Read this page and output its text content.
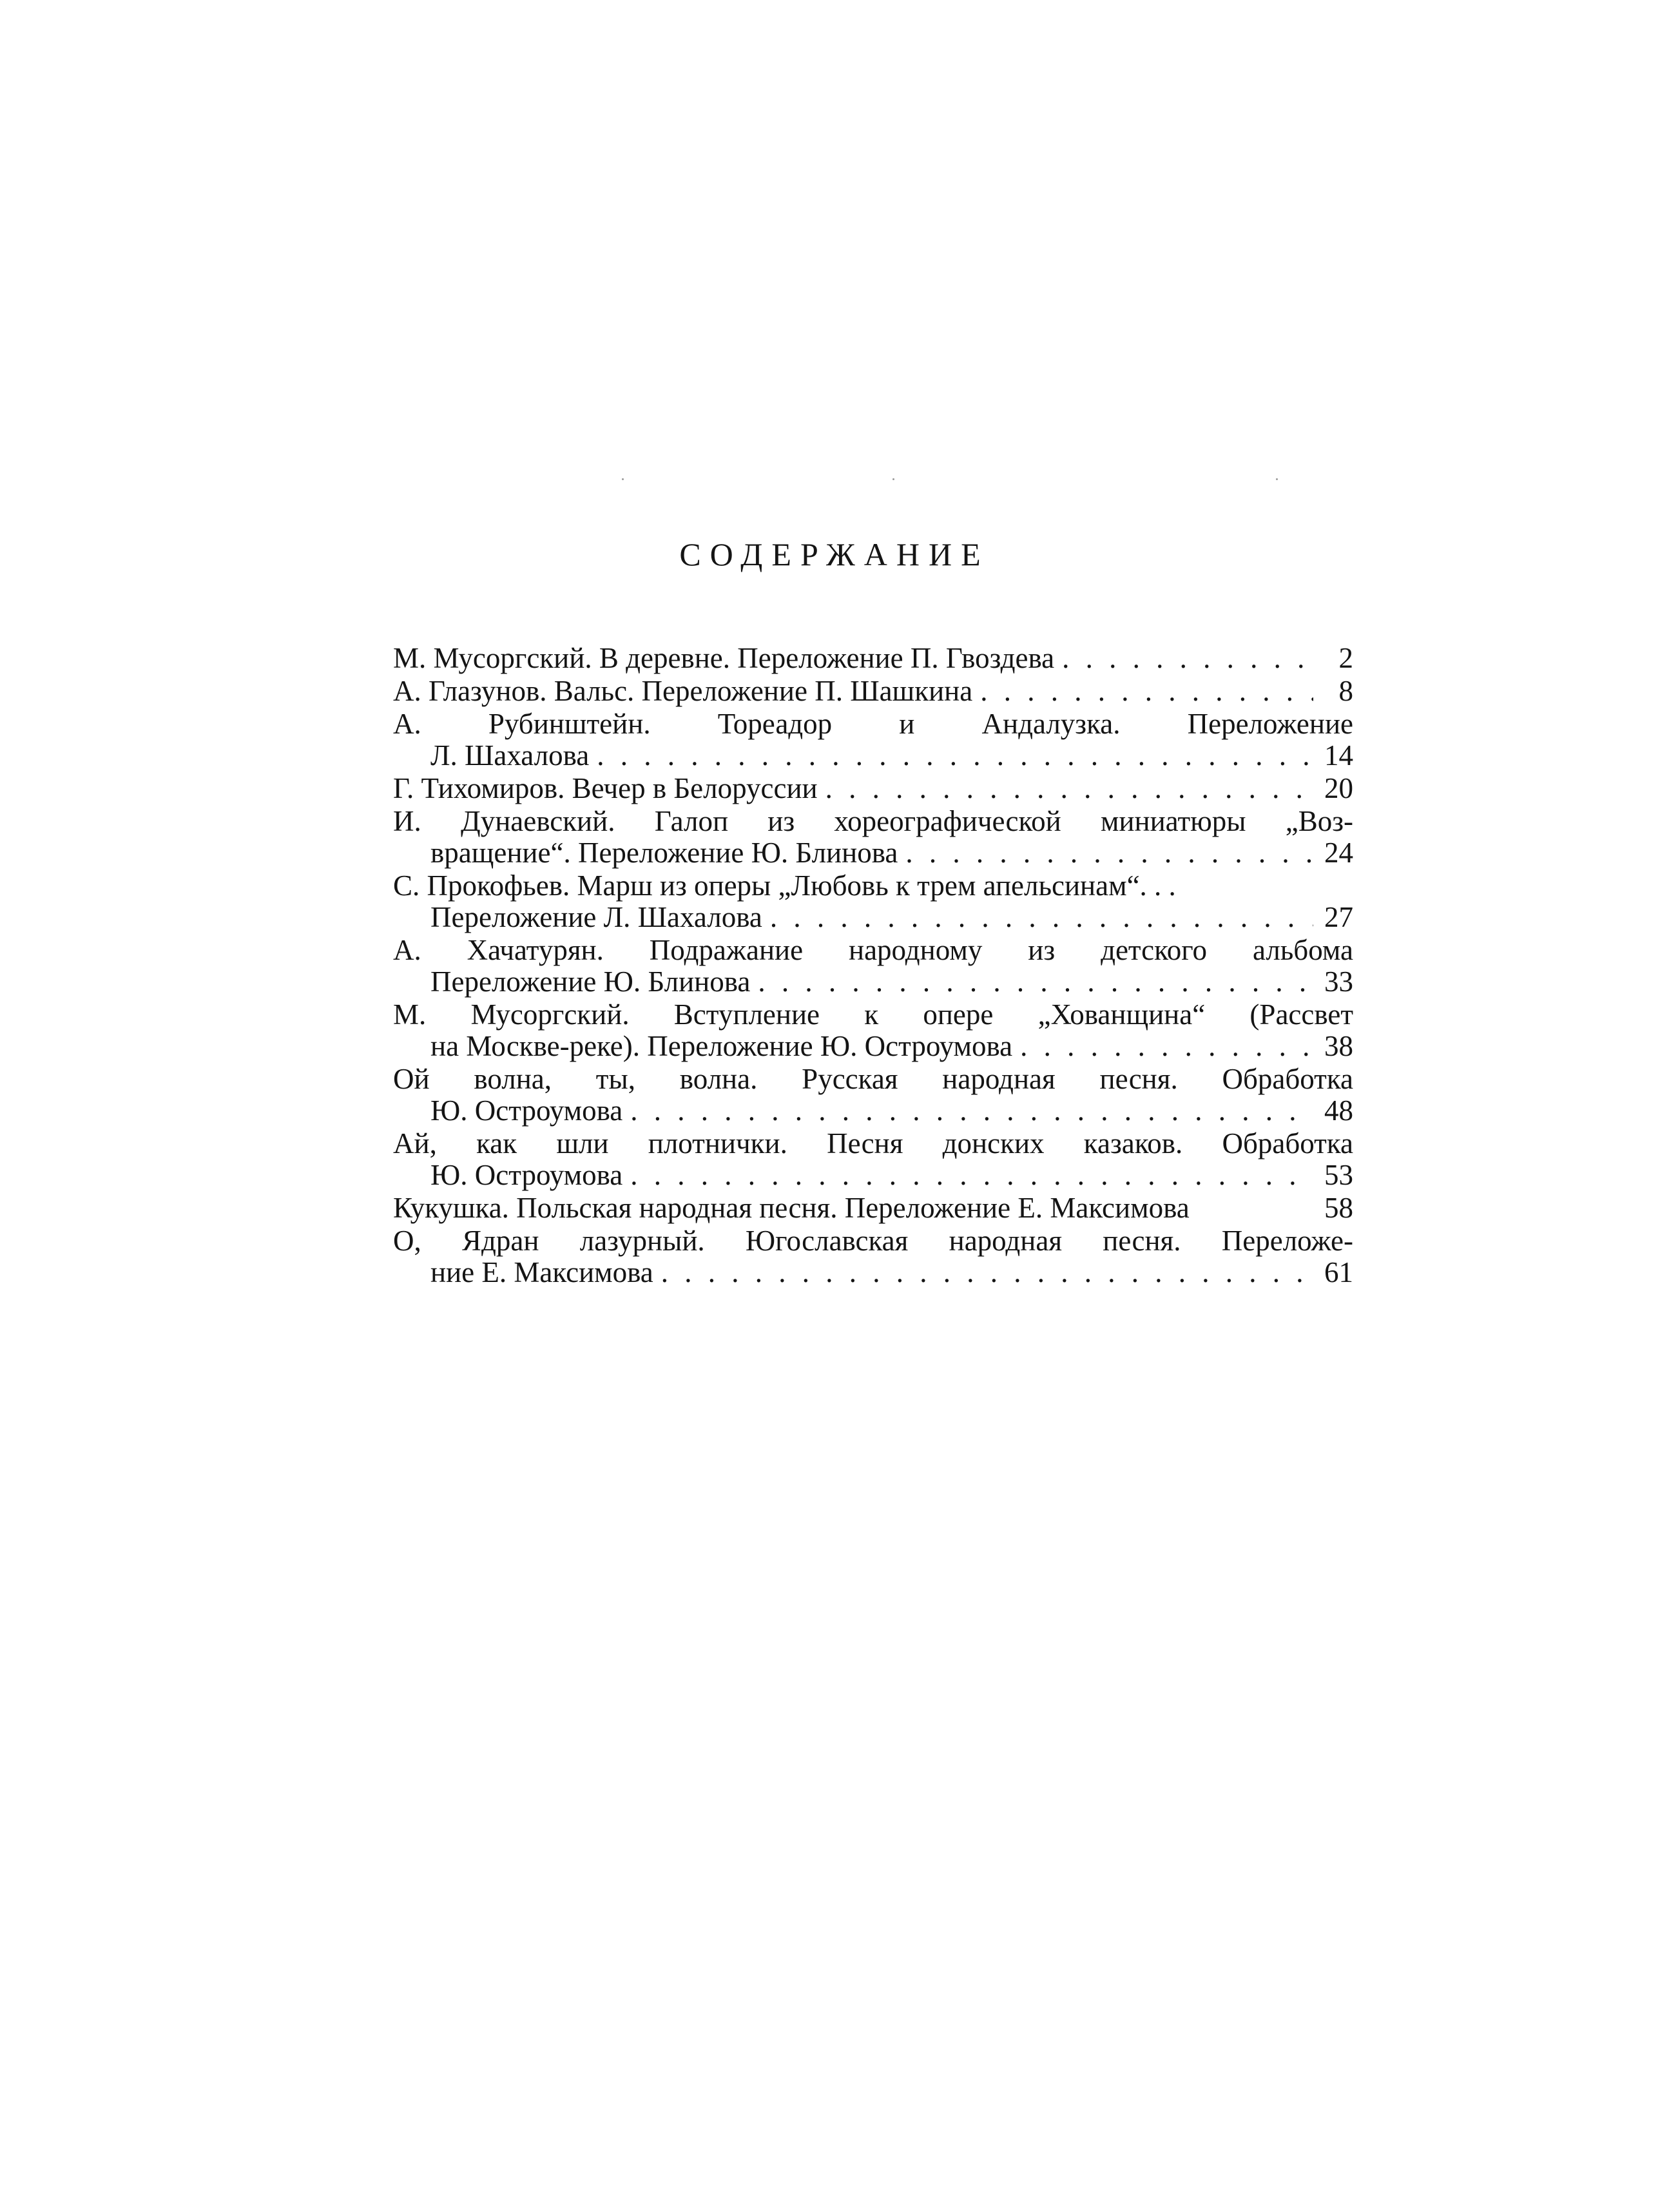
СОДЕРЖАНИЕ
М. Мусоргский. В деревне. Переложение П. Гвоздева . . .	2
А. Глазунов. Вальс. Переложение П. Шашкина . . .	8
А. Рубинштейн. Тореадор и Андалузка. Переложение
Л. Шахалова . . .	14
Г. Тихомиров. Вечер в Белоруссии . . .	20
И. Дунаевский. Галоп из хореографической миниатюры „Воз-
вращение“. Переложение Ю. Блинова . . .	24
С. Прокофьев. Марш из оперы „Любовь к трем апельсинам“. . .
Переложение Л. Шахалова . . .	27
А. Хачатурян. Подражание народному из детского альбома
Переложение Ю. Блинова . . .	33
М. Мусоргский. Вступление к опере „Хованщина“ (Рассвет
на Москве-реке). Переложение Ю. Остроумова . . .	38
Ой волна, ты, волна. Русская народная песня. Обработка
Ю. Остроумова . . .	48
Ай, как шли плотнички. Песня донских казаков. Обработка
Ю. Остроумова . . .	53
Кукушка. Польская народная песня. Переложение Е. Максимова	58
О, Ядран лазурный. Югославская народная песня. Переложе-
ние Е. Максимова . . .	61
